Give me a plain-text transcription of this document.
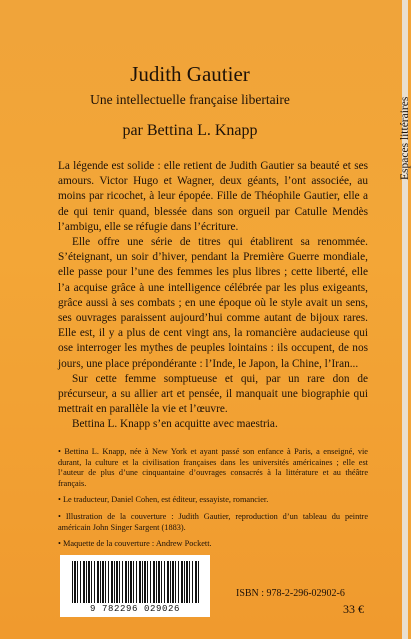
Espaces littéraires
Judith Gautier
Une intellectuelle française libertaire
par Bettina L. Knapp

La légende est solide : elle retient de Judith Gautier sa beauté et ses amours. Victor Hugo et Wagner, deux géants, l’ont associée, au moins par ricochet, à leur épopée. Fille de Théophile Gautier, elle a de qui tenir quand, blessée dans son orgueil par Catulle Mendès l’ambigu, elle se réfugie dans l’écriture.

Elle offre une série de titres qui établirent sa renommée. S’éteignant, un soir d’hiver, pendant la Première Guerre mondiale, elle passe pour l’une des femmes les plus libres ; cette liberté, elle l’a acquise grâce à une intelligence célébrée par les plus exigeants, grâce aussi à ses combats ; en une époque où le style avait un sens, ses ouvrages paraissent aujourd’hui comme autant de bijoux rares. Elle est, il y a plus de cent vingt ans, la romancière audacieuse qui ose interroger les mythes de peuples lointains : ils occupent, de nos jours, une place prépondérante : l’Inde, le Japon, la Chine, l’Iran...

Sur cette femme somptueuse et qui, par un rare don de précurseur, a su allier art et pensée, il manquait une biographie qui mettrait en parallèle la vie et l’œuvre.

Bettina L. Knapp s’en acquitte avec maestria.

• Bettina L. Knapp, née à New York et ayant passé son enfance à Paris, a enseigné, vie durant, la culture et la civilisation françaises dans les universités américaines ; elle est l’auteur de plus d’une cinquantaine d’ouvrages consacrés à la littérature et au théâtre français.

• Le traducteur, Daniel Cohen, est éditeur, essayiste, romancier.

• Illustration de la couverture : Judith Gautier, reproduction d’un tableau du peintre américain John Singer Sargent (1883).

• Maquette de la couverture : Andrew Pockett.

9 782296 029026
ISBN : 978-2-296-02902-6
33 €
